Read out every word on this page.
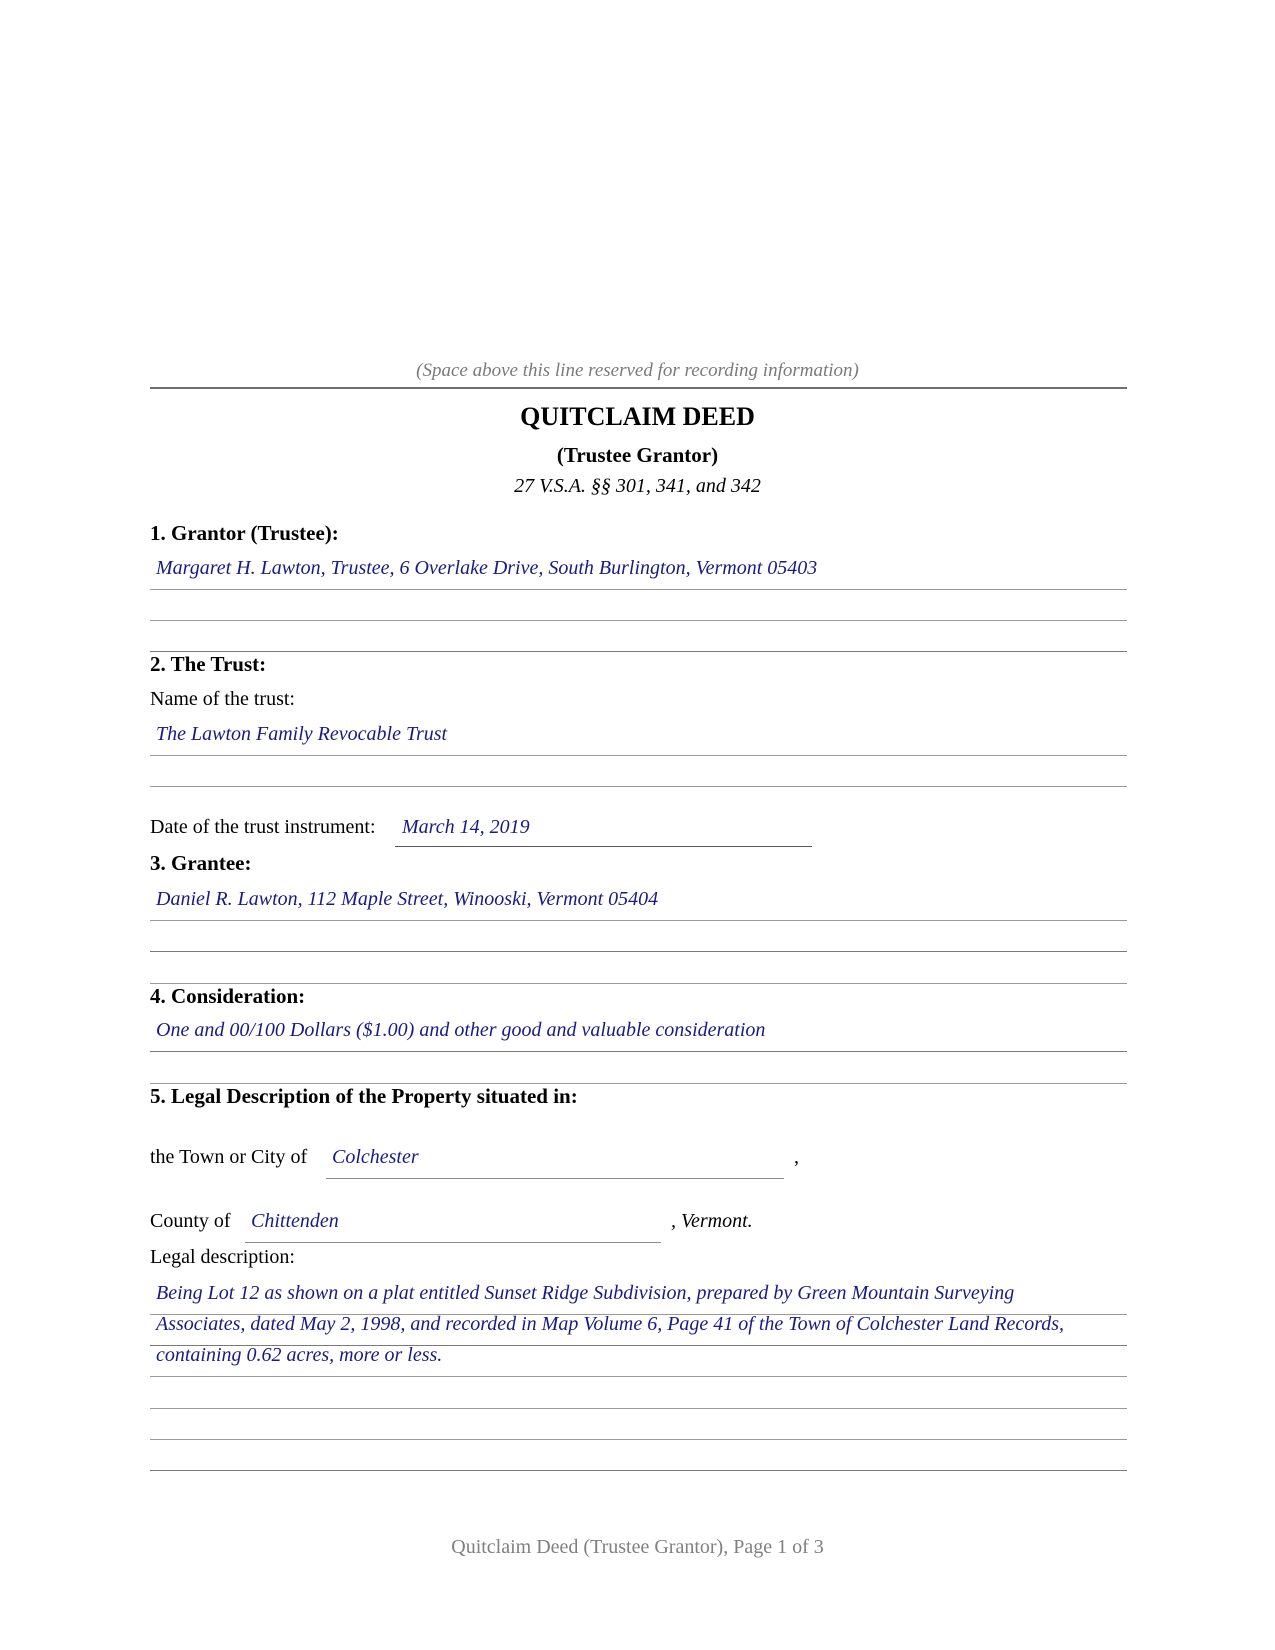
(Space above this line reserved for recording information)
QUITCLAIM DEED
(Trustee Grantor)
27 V.S.A. §§ 301, 341, and 342
1. Grantor (Trustee):
Margaret H. Lawton, Trustee, 6 Overlake Drive, South Burlington, Vermont 05403
2. The Trust:
Name of the trust:
The Lawton Family Revocable Trust
Date of the trust instrument: March 14, 2019
3. Grantee:
Daniel R. Lawton, 112 Maple Street, Winooski, Vermont 05404
4. Consideration:
One and 00/100 Dollars ($1.00) and other good and valuable consideration
5. Legal Description of the Property situated in:
the Town or City of Colchester	,
County of Chittenden	, Vermont.
Legal description:
Being Lot 12 as shown on a plat entitled Sunset Ridge Subdivision, prepared by Green Mountain Surveying
Associates, dated May 2, 1998, and recorded in Map Volume 6, Page 41 of the Town of Colchester Land Records,
containing 0.62 acres, more or less.
Quitclaim Deed (Trustee Grantor), Page 1 of 3
